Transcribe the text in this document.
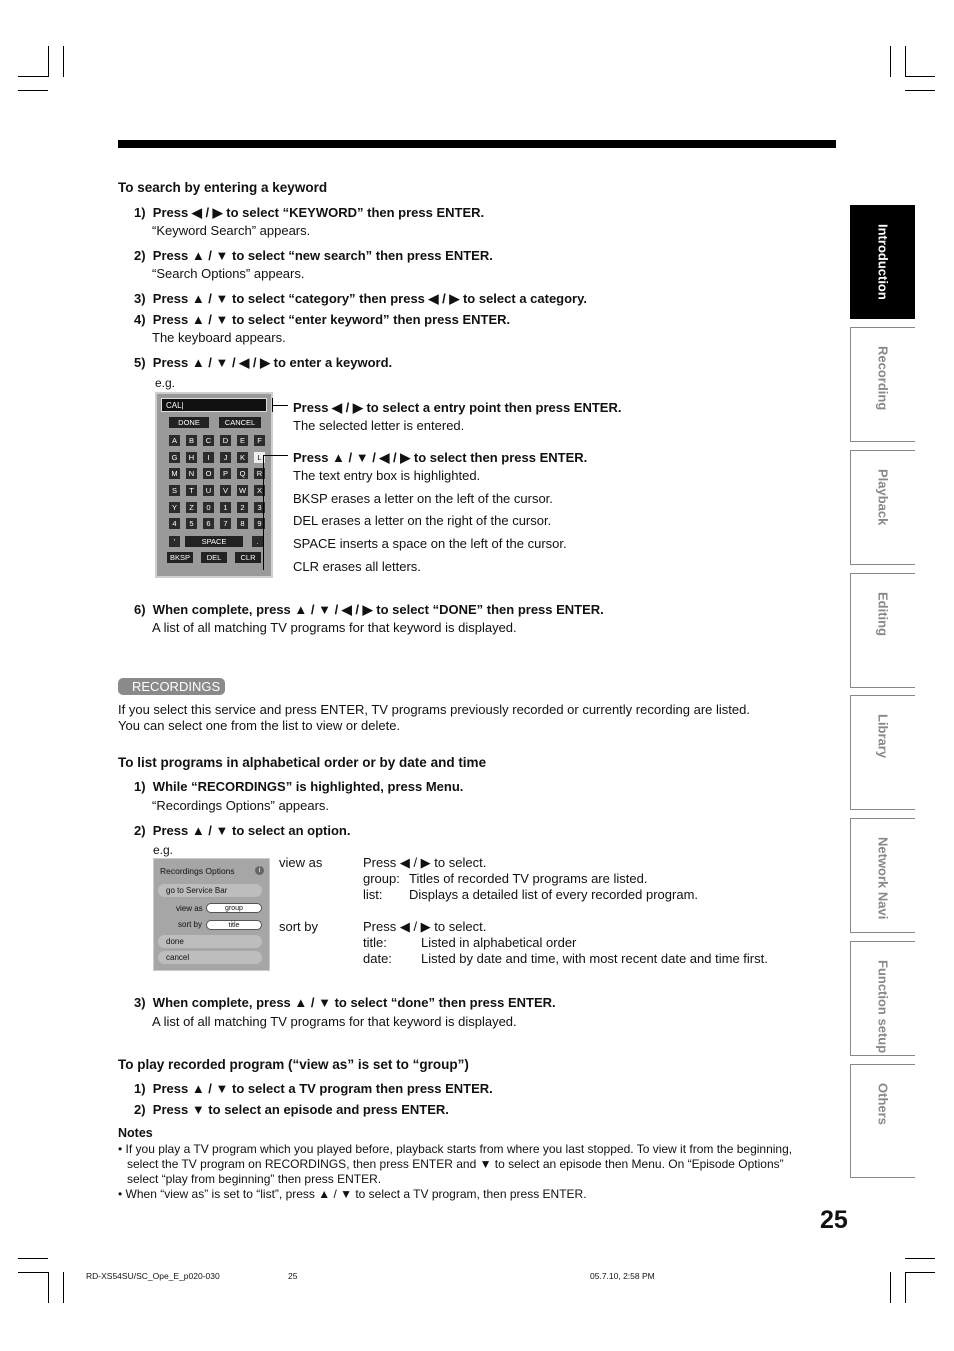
To search by entering a keyword
1) Press ◀ / ▶ to select “KEYWORD” then press ENTER.
“Keyword Search” appears.
2) Press ▲ / ▼ to select “new search” then press ENTER.
“Search Options” appears.
3) Press ▲ / ▼ to select “category” then press ◀ / ▶ to select a category.
4) Press ▲ / ▼ to select “enter keyword” then press ENTER.
The keyboard appears.
5) Press ▲ / ▼ / ◀ / ▶ to enter a keyword.
e.g.
CAL|
DONE	CANCEL
A	B	C	D	E	F
G	H	I	J	K	L
M	N	O	P	Q	R
S	T	U	V	W	X
Y	Z	0	1	2	3
4	5	6	7	8	9
'	SPACE	.
BKSP	DEL	CLR
Press ◀ / ▶ to select a entry point then press ENTER.
The selected letter is entered.
Press ▲ / ▼ / ◀ / ▶ to select then press ENTER.
The text entry box is highlighted.
BKSP erases a letter on the left of the cursor.
DEL erases a letter on the right of the cursor.
SPACE inserts a space on the left of the cursor.
CLR erases all letters.
6) When complete, press ▲ / ▼ / ◀ / ▶ to select “DONE” then press ENTER.
A list of all matching TV programs for that keyword is displayed.
RECORDINGS
If you select this service and press ENTER, TV programs previously recorded or currently recording are listed.
You can select one from the list to view or delete.
To list programs in alphabetical order or by date and time
1) While “RECORDINGS” is highlighted, press Menu.
“Recordings Options” appears.
2) Press ▲ / ▼ to select an option.
e.g.
Recordings Options	i
go to Service Bar
view as	group
sort by	title
done
cancel
view as	Press ◀ / ▶ to select.
group: Titles of recorded TV programs are listed.
list: Displays a detailed list of every recorded program.
sort by	Press ◀ / ▶ to select.
title:	Listed in alphabetical order
date: Listed by date and time, with most recent date and time first.
3) When complete, press ▲ / ▼ to select “done” then press ENTER.
A list of all matching TV programs for that keyword is displayed.
To play recorded program (“view as” is set to “group”)
1) Press ▲ / ▼ to select a TV program then press ENTER.
2) Press ▼ to select an episode and press ENTER.
Notes
• If you play a TV program which you played before, playback starts from where you last stopped. To view it from the beginning,
select the TV program on RECORDINGS, then press ENTER and ▼ to select an episode then Menu. On “Episode Options”
select “play from beginning” then press ENTER.
• When “view as” is set to “list”, press ▲ / ▼ to select a TV program, then press ENTER.
25
Introduction
Recording
Playback
Editing
Library
Network Navi
Function setup
Others
RD-XS54SU/SC_Ope_E_p020-030	25	05.7.10, 2:58 PM
